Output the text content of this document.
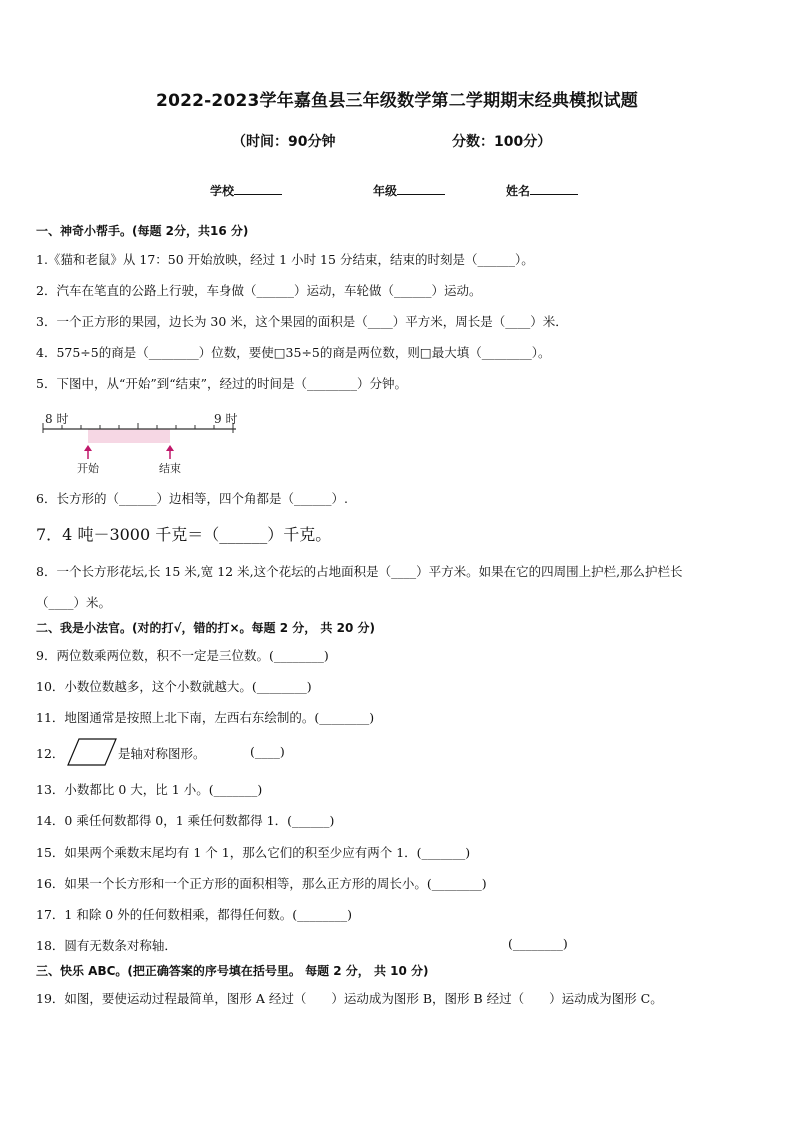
2022-2023学年嘉鱼县三年级数学第二学期期末经典模拟试题
（时间：90分钟	分数：100分）
学校	年级	姓名
一、神奇小帮手。(每题 2分，共16 分)
1.《猫和老鼠》从 17：50 开始放映，经过 1 小时 15 分结束，结束的时刻是（______）。
2．汽车在笔直的公路上行驶，车身做（______）运动，车轮做（______）运动。
3．一个正方形的果园，边长为 30 米，这个果园的面积是（____）平方米，周长是（____）米．
4．575÷5的商是（________）位数，要使□35÷5的商是两位数，则□最大填（________）。
5．下图中，从“开始”到“结束”，经过的时间是（________）分钟。
8 时	9 时
开始	结束
6．长方形的（______）边相等，四个角都是（______）.
7．4 吨－3000 千克＝（______）千克。
8．一个长方形花坛,长 15 米,宽 12 米,这个花坛的占地面积是（____）平方米。如果在它的四周围上护栏,那么护栏长
（____）米。
二、我是小法官。(对的打√，错的打×。每题 2 分， 共 20 分)
9．两位数乘两位数，积不一定是三位数。(________)
10．小数位数越多，这个小数就越大。(________)
11．地图通常是按照上北下南，左西右东绘制的。(________)
12．	是轴对称图形。	(____)
13．小数都比 0 大，比 1 小。(_______)
14．0 乘任何数都得 0，1 乘任何数都得 1．(______)
15．如果两个乘数末尾均有 1 个 1，那么它们的积至少应有两个 1．(_______)
16．如果一个长方形和一个正方形的面积相等，那么正方形的周长小。(________)
17．1 和除 0 外的任何数相乘，都得任何数。(________)
18．圆有无数条对称轴．	(________)
三、快乐 ABC。(把正确答案的序号填在括号里。 每题 2 分， 共 10 分)
19．如图，要使运动过程最简单，图形 A 经过（　　）运动成为图形 B，图形 B 经过（　　）运动成为图形 C。
